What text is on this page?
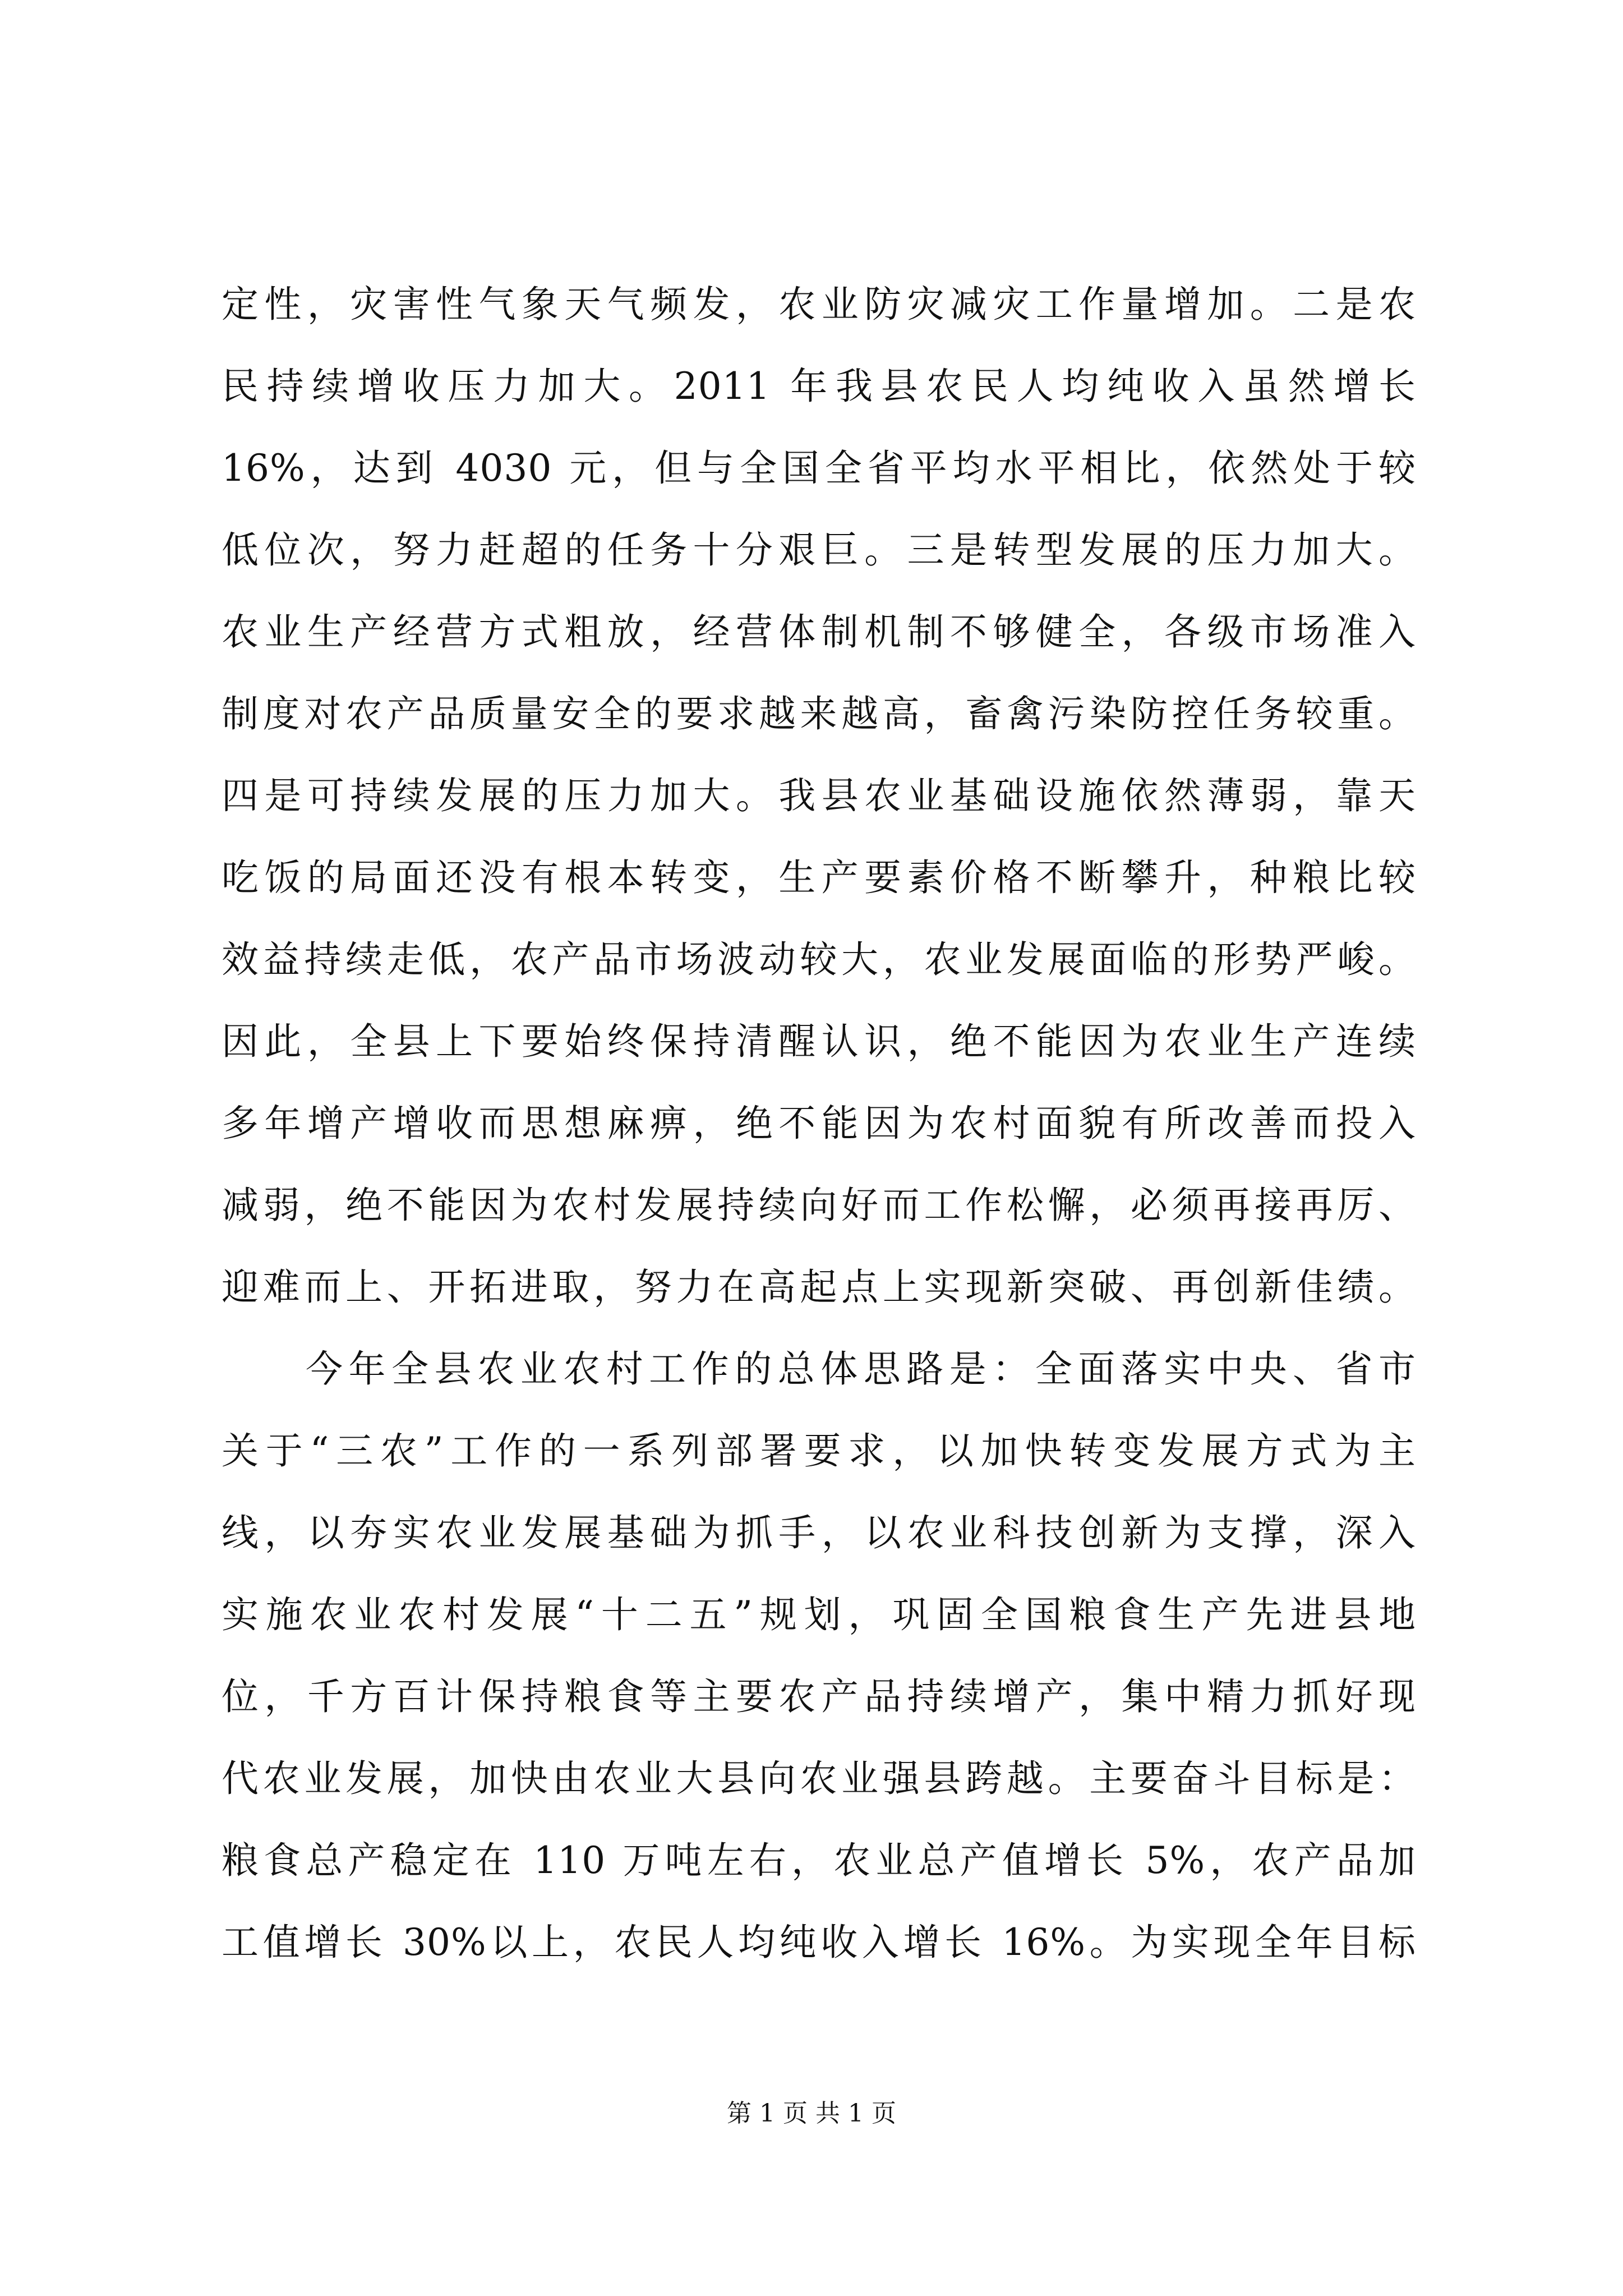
定性，灾害性气象天气频发，农业防灾减灾工作量增加。二是农
民持续增收压力加大。2011 年我县农民人均纯收入虽然增长
16%，达到 4030 元，但与全国全省平均水平相比，依然处于较
低位次，努力赶超的任务十分艰巨。三是转型发展的压力加大。
农业生产经营方式粗放，经营体制机制不够健全，各级市场准入
制度对农产品质量安全的要求越来越高，畜禽污染防控任务较重。
四是可持续发展的压力加大。我县农业基础设施依然薄弱，靠天
吃饭的局面还没有根本转变，生产要素价格不断攀升，种粮比较
效益持续走低，农产品市场波动较大，农业发展面临的形势严峻。
因此，全县上下要始终保持清醒认识，绝不能因为农业生产连续
多年增产增收而思想麻痹，绝不能因为农村面貌有所改善而投入
减弱，绝不能因为农村发展持续向好而工作松懈，必须再接再厉、
迎难而上、开拓进取，努力在高起点上实现新突破、再创新佳绩。
今年全县农业农村工作的总体思路是：全面落实中央、省市
关于“三农”工作的一系列部署要求，以加快转变发展方式为主
线，以夯实农业发展基础为抓手，以农业科技创新为支撑，深入
实施农业农村发展“十二五”规划，巩固全国粮食生产先进县地
位，千方百计保持粮食等主要农产品持续增产，集中精力抓好现
代农业发展，加快由农业大县向农业强县跨越。主要奋斗目标是：
粮食总产稳定在 110 万吨左右，农业总产值增长 5%，农产品加
工值增长 30%以上，农民人均纯收入增长 16%。为实现全年目标
第 1 页 共 1 页
